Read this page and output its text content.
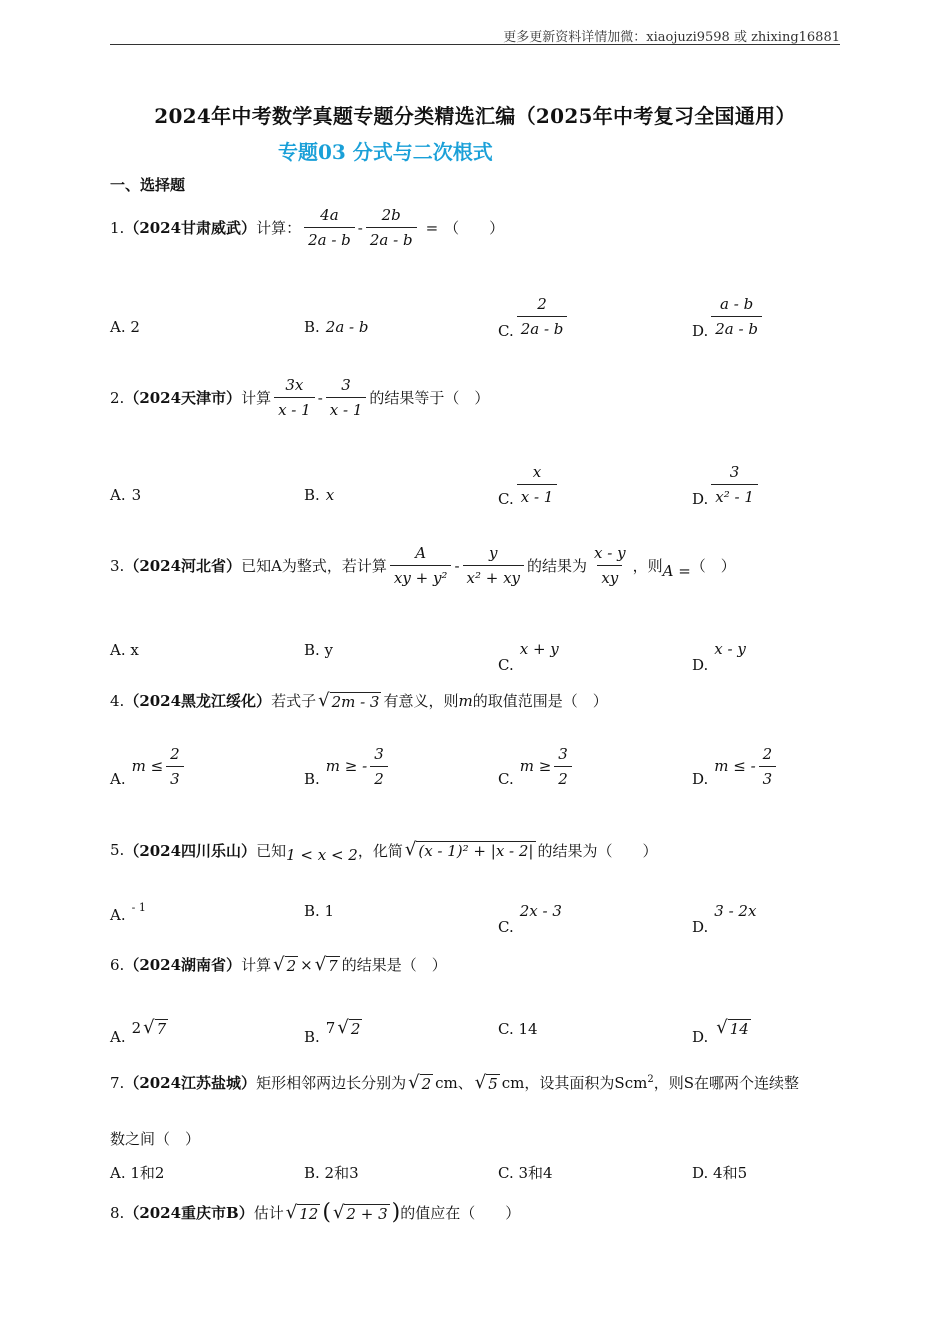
更多更新资料详情加微：xiaojuzi9598 或 zhixing16881
2024年中考数学真题专题分类精选汇编（2025年中考复习全国通用）
专题03 分式与二次根式
一、选择题
1. （2024甘肃威武） 计算： $\frac{4a}{2a - b} - \frac{2b}{2a - b}$ = （　　）
A. 2	B. 2a - b	C. $\frac{2}{2a - b}$	D. $\frac{a - b}{2a - b}$
2. （2024天津市） 计算 $\frac{3x}{x - 1} - \frac{3}{x - 1}$ 的结果等于（　）
A. 3	B. x	C. $\frac{x}{x - 1}$	D. $\frac{3}{\text{x² - 1}}$
3. （2024河北省） 已知A为整式，若计算 $\frac{A}{\text{xy + y²}} - \frac{y}{\text{x² + xy}}$ 的结果为 $\frac{x - y}{xy}$ ，则 A = （　）
A. x	B. y
C.
x + y
D.
x - y
4. （2024黑龙江绥化） 若式子 √ 2m - 3 有意义，则 m 的取值范围是（　）
A.
$m \le \frac{2}{3}$	B.
m ≥ - $\frac{3}{2}$	C.
$m \ge \frac{3}{2}$	D.
m ≤ - $\frac{2}{3}$
5. （2024四川乐山） 已知 1 < x < 2 ，化简 √ (x - 1)² + |x - 2| 的结果为（　　）
A. - 1	B. 1
C.
2x - 3
D.
3 - 2x
6. （2024湖南省） 计算 √ 2 × √ 7 的结果是（　）
A. 2 √ 7	B. 7 √ 2	C. 14	D. √ 14
7. （2024江苏盐城） 矩形相邻两边长分别为 √ 2 cm 、 √ 5 cm ，设其面积为 Scm$^2$ ，则S在哪两个连续整
数之间（　）
A. 1和2	B. 2和3	C. 3和4	D. 4和5
8. （2024重庆市B） 估计 √ 12 ( √ 2 + 3 ) 的值应在（　　）
